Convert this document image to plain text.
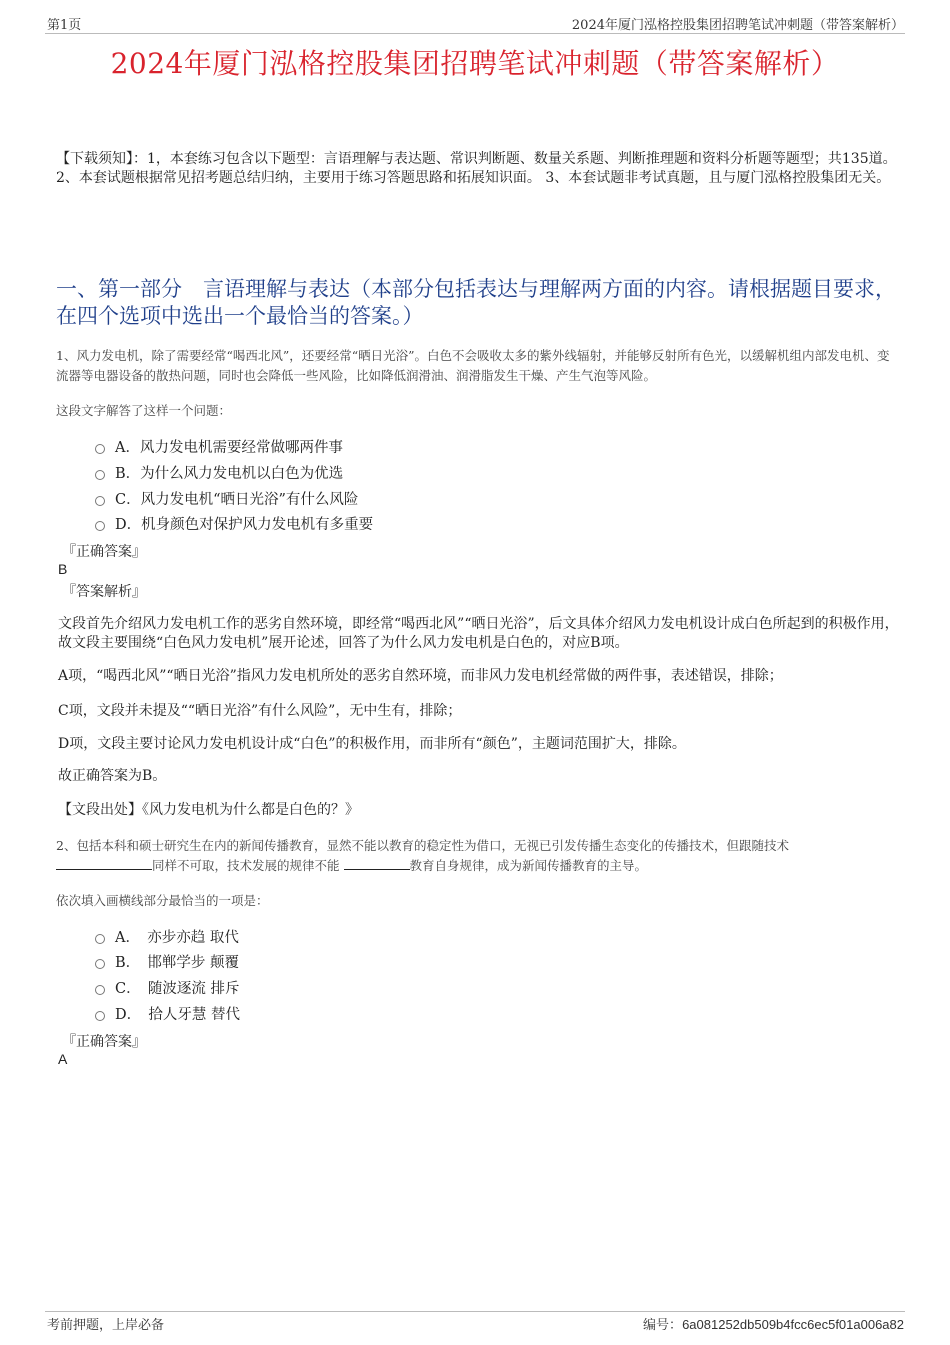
第1页	2024年厦门泓格控股集团招聘笔试冲刺题（带答案解析）
2024年厦门泓格控股集团招聘笔试冲刺题（带答案解析）
【下载须知】：1，本套练习包含以下题型：言语理解与表达题、常识判断题、数量关系题、判断推理题和资料分析题等题型；共135道。 2、本套试题根据常见招考题总结归纳，主要用于练习答题思路和拓展知识面。 3、本套试题非考试真题，且与厦门泓格控股集团无关。
一、第一部分　言语理解与表达（本部分包括表达与理解两方面的内容。请根据题目要求，在四个选项中选出一个最恰当的答案。）
1、风力发电机，除了需要经常“喝西北风”，还要经常“晒日光浴”。白色不会吸收太多的紫外线辐射，并能够反射所有色光，以缓解机组内部发电机、变流器等电器设备的散热问题，同时也会降低一些风险，比如降低润滑油、润滑脂发生干燥、产生气泡等风险。
这段文字解答了这样一个问题：
A．风力发电机需要经常做哪两件事
B．为什么风力发电机以白色为优选
C．风力发电机“晒日光浴”有什么风险
D．机身颜色对保护风力发电机有多重要
『正确答案』
B
『答案解析』
文段首先介绍风力发电机工作的恶劣自然环境，即经常“喝西北风”“晒日光浴”，后文具体介绍风力发电机设计成白色所起到的积极作用，故文段主要围绕“白色风力发电机”展开论述，回答了为什么风力发电机是白色的，对应B项。
A项，“喝西北风”“晒日光浴”指风力发电机所处的恶劣自然环境，而非风力发电机经常做的两件事，表述错误，排除；
C项，文段并未提及““晒日光浴”有什么风险”，无中生有，排除；
D项，文段主要讨论风力发电机设计成“白色”的积极作用，而非所有“颜色”，主题词范围扩大，排除。
故正确答案为B。
【文段出处】《风力发电机为什么都是白色的？》
2、包括本科和硕士研究生在内的新闻传播教育，显然不能以教育的稳定性为借口，无视已引发传播生态变化的传播技术，但跟随技术
同样不可取，技术发展的规律不能	教育自身规律，成为新闻传播教育的主导。
依次填入画横线部分最恰当的一项是：
A．　亦步亦趋 取代
B．　邯郸学步 颠覆
C．　随波逐流 排斥
D．　拾人牙慧 替代
『正确答案』
A
考前押题，上岸必备	编号：6a081252db509b4fcc6ec5f01a006a82
